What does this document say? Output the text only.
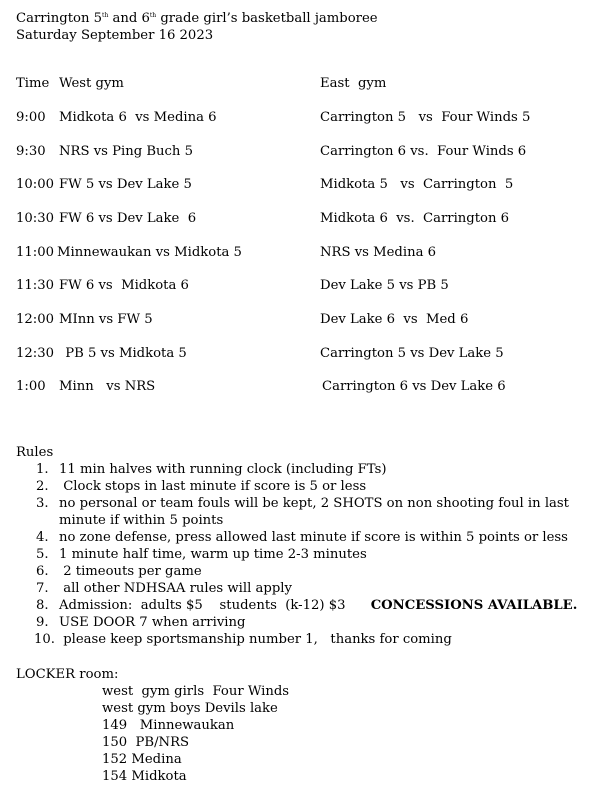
Carrington 5th and 6th grade girl’s basketball jamboree
Saturday September 16 2023
Time West gym	East  gym
9:00 Midkota 6  vs Medina 6	Carrington 5   vs  Four Winds 5
9:30 NRS vs Ping Buch 5	Carrington 6 vs.  Four Winds 6
10:00 FW 5 vs Dev Lake 5	Midkota 5   vs  Carrington  5
10:30 FW 6 vs Dev Lake  6	Midkota 6  vs.  Carrington 6
11:00 Minnewaukan vs Midkota 5	NRS vs Medina 6
11:30 FW 6 vs  Midkota 6	Dev Lake 5 vs PB 5
12:00 MInn vs FW 5	Dev Lake 6  vs  Med 6
12:30 PB 5 vs Midkota 5	Carrington 5 vs Dev Lake 5
1:00 Minn   vs NRS	Carrington 6 vs Dev Lake 6
Rules
1. 11 min halves with running clock (including FTs)
2. Clock stops in last minute if score is 5 or less
3. no personal or team fouls will be kept, 2 SHOTS on non shooting foul in last minute if within 5 points
4. no zone defense, press allowed last minute if score is within 5 points or less
5. 1 minute half time, warm up time 2-3 minutes
6. 2 timeouts per game
7. all other NDHSAA rules will apply
8. Admission:  adults $5    students  (k-12) $3      CONCESSIONS AVAILABLE.
9. USE DOOR 7 when arriving
10. please keep sportsmanship number 1,   thanks for coming
LOCKER room:
west  gym girls  Four Winds
west gym boys Devils lake
149   Minnewaukan
150  PB/NRS
152 Medina
154 Midkota
